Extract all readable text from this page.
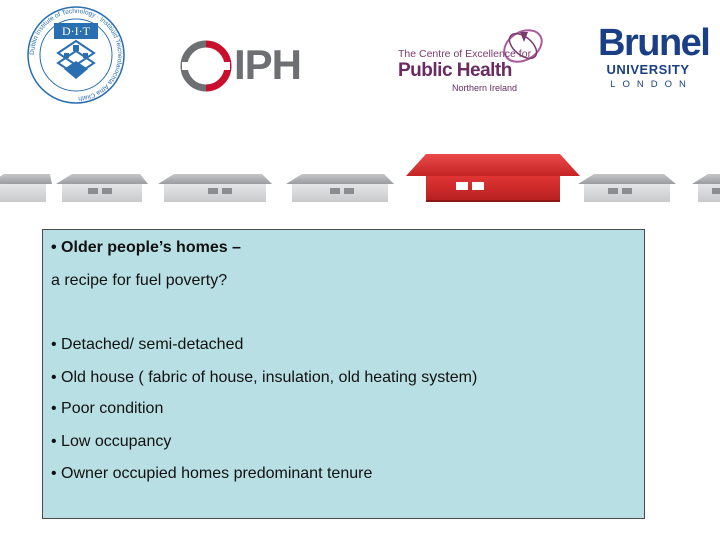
Dublin Institute of Technology · Institiúid Teicneolaíochta Átha Cliath
D·I·T
IPH	The Centre of Excellence for
Public Health
Northern Ireland
Brunel
UNIVERSITY
LONDON
• Older people’s homes –
a recipe for fuel poverty?
• Detached/ semi-detached
• Old house ( fabric of house, insulation, old heating system)
• Poor condition
• Low occupancy
• Owner occupied homes predominant tenure
